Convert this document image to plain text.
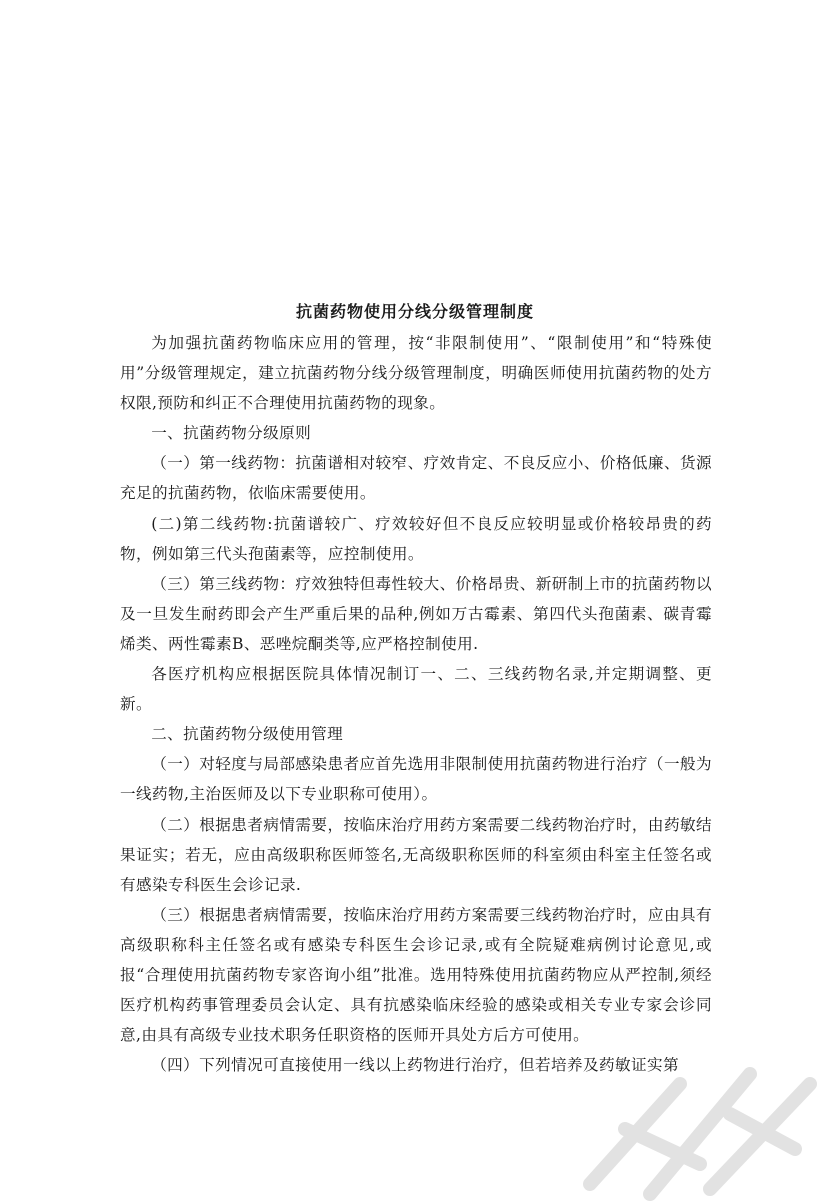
抗菌药物使用分线分级管理制度

为加强抗菌药物临床应用的管理，按“非限制使用”、“限制使用”和“特殊使用”分级管理规定，建立抗菌药物分线分级管理制度，明确医师使用抗菌药物的处方权限,预防和纠正不合理使用抗菌药物的现象。

一、抗菌药物分级原则

（一）第一线药物：抗菌谱相对较窄、疗效肯定、不良反应小、价格低廉、货源充足的抗菌药物，依临床需要使用。

(二)第二线药物:抗菌谱较广、疗效较好但不良反应较明显或价格较昂贵的药物，例如第三代头孢菌素等，应控制使用。

（三）第三线药物：疗效独特但毒性较大、价格昂贵、新研制上市的抗菌药物以及一旦发生耐药即会产生严重后果的品种,例如万古霉素、第四代头孢菌素、碳青霉烯类、两性霉素B、恶唑烷酮类等,应严格控制使用.

各医疗机构应根据医院具体情况制订一、二、三线药物名录,并定期调整、更新。

二、抗菌药物分级使用管理

（一）对轻度与局部感染患者应首先选用非限制使用抗菌药物进行治疗（一般为一线药物,主治医师及以下专业职称可使用）。

（二）根据患者病情需要，按临床治疗用药方案需要二线药物治疗时，由药敏结果证实；若无，应由高级职称医师签名,无高级职称医师的科室须由科室主任签名或有感染专科医生会诊记录.

（三）根据患者病情需要，按临床治疗用药方案需要三线药物治疗时，应由具有高级职称科主任签名或有感染专科医生会诊记录,或有全院疑难病例讨论意见,或报“合理使用抗菌药物专家咨询小组”批准。选用特殊使用抗菌药物应从严控制,须经医疗机构药事管理委员会认定、具有抗感染临床经验的感染或相关专业专家会诊同意,由具有高级专业技术职务任职资格的医师开具处方后方可使用。

（四）下列情况可直接使用一线以上药物进行治疗，但若培养及药敏证实第
